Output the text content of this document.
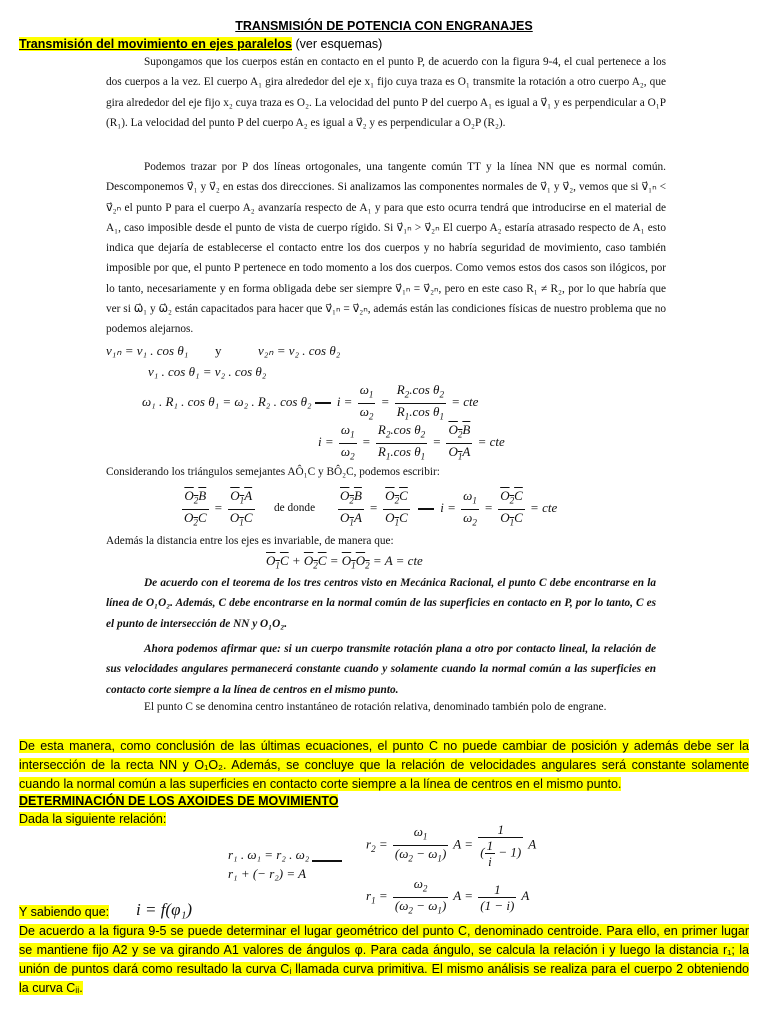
TRANSMISIÓN DE POTENCIA CON ENGRANAJES
Transmisión del movimiento en ejes paralelos (ver esquemas)

Supongamos que los cuerpos están en contacto en el punto P, de acuerdo con la figura 9-4, el cual pertenece a los dos cuerpos a la vez. El cuerpo A₁ gira alrededor del eje x₁ fijo cuya traza es O₁ transmite la rotación a otro cuerpo A₂, que gira alrededor del eje fijo x₂ cuya traza es O₂. La velocidad del punto P del cuerpo A₁ es igual a v⃗₁ y es perpendicular a O₁P (R₁). La velocidad del punto P del cuerpo A₂ es igual a v⃗₂ y es perpendicular a O₂P (R₂).

Podemos trazar por P dos líneas ortogonales, una tangente común TT y la línea NN que es normal común. Descomponemos v⃗₁ y v⃗₂ en estas dos direcciones. Si analizamos las componentes normales de v⃗₁ y v⃗₂, vemos que si v⃗₁ₙ < v⃗₂ₙ el punto P para el cuerpo A₂ avanzaría respecto de A₁ y para que esto ocurra tendrá que introducirse en el material de A₁, caso imposible desde el punto de vista de cuerpo rígido. Si v⃗₁ₙ > v⃗₂ₙ El cuerpo A₂ estaría atrasado respecto de A₁ esto indica que dejaría de establecerse el contacto entre los dos cuerpos y no habría seguridad de movimiento, caso también imposible por que, el punto P pertenece en todo momento a los dos cuerpos. Como vemos estos dos casos son ilógicos, por lo tanto, necesariamente y en forma obligada debe ser siempre v⃗₁ₙ = v⃗₂ₙ, pero en este caso R₁ ≠ R₂, por lo que habría que ver si ω⃗₁ y ω⃗₂ están capacitados para hacer que v⃗₁ₙ = v⃗₂ₙ, además están las condiciones físicas de nuestro problema que no podemos alejarnos.

v₁ₙ = v₁ . cos θ₁ y	v₂ₙ = v₂ . cos θ₂
v₁ . cos θ₁ = v₂ . cos θ₂
ω₁ . R₁ . cos θ₁ = ω₂ . R₂ . cos θ₂ $i = \frac{\omega_1}{\omega_2} = \frac{R_2.\cos \theta_2}{R_1.\cos \theta_1}$ = cte
$i = \frac{\omega_1}{\omega_2} = \frac{R_2.\cos \theta_2}{R_1.\cos \theta_1} = \frac{O_2B}{O_1A}$ = cte

Considerando los triángulos semejantes AÔ₁C y BÔ₂C, podemos escribir:

$\frac{O_2B}{O_2C} = \frac{O_1A}{O_1C}$ de donde	$\frac{O_2B}{O_1A} = \frac{O_2C}{O_1C}$ $i = \frac{\omega_1}{\omega_2} = \frac{O_2C}{O_1C}$ = cte

Además la distancia entre los ejes es invariable, de manera que:

$O_1C + O_2C = O_1O_2 = A$ = cte

De acuerdo con el teorema de los tres centros visto en Mecánica Racional, el punto C debe encontrarse en la línea de O₁O₂. Además, C debe encontrarse en la normal común de las superficies en contacto en P, por lo tanto, C es el punto de intersección de NN y O₁O₂.

Ahora podemos afirmar que: si un cuerpo transmite rotación plana a otro por contacto lineal, la relación de sus velocidades angulares permanecerá constante cuando y solamente cuando la normal común a las superficies en contacto corte siempre a la línea de centros en el mismo punto.

El punto C se denomina centro instantáneo de rotación relativa, denominado también polo de engrane.

De esta manera, como conclusión de las últimas ecuaciones, el punto C no puede cambiar de posición y además debe ser la intersección de la recta NN y O₁O₂. Además, se concluye que la relación de velocidades angulares será constante solamente cuando la normal común a las superficies en contacto corte siempre a la línea de centros en el mismo punto.
DETERMINACIÓN DE LOS AXOIDES DE MOVIMIENTO
Dada la siguiente relación:
r₁ . ω₁ = r₂ . ω₂
r₁ + (− r₂) = A
$r_2 = \frac{\omega_1}{(\omega_2 - \omega_1)}$ $A = \frac{1}{( \frac{1}{i} - 1)}$ A
$r_1 = \frac{\omega_2}{(\omega_2 - \omega_1)}$ $A = \frac{1}{(1 - i)}$ A
Y sabiendo que: i = f(φ₁)
De acuerdo a la figura 9-5 se puede determinar el lugar geométrico del punto C, denominado centroide. Para ello, en primer lugar se mantiene fijo A2 y se va girando A1 valores de ángulos φ. Para cada ángulo, se calcula la relación i y luego la distancia r₁; la unión de puntos dará como resultado la curva Cᵢ llamada curva primitiva. El mismo análisis se realiza para el cuerpo 2 obteniendo la curva Cᵢᵢ.
